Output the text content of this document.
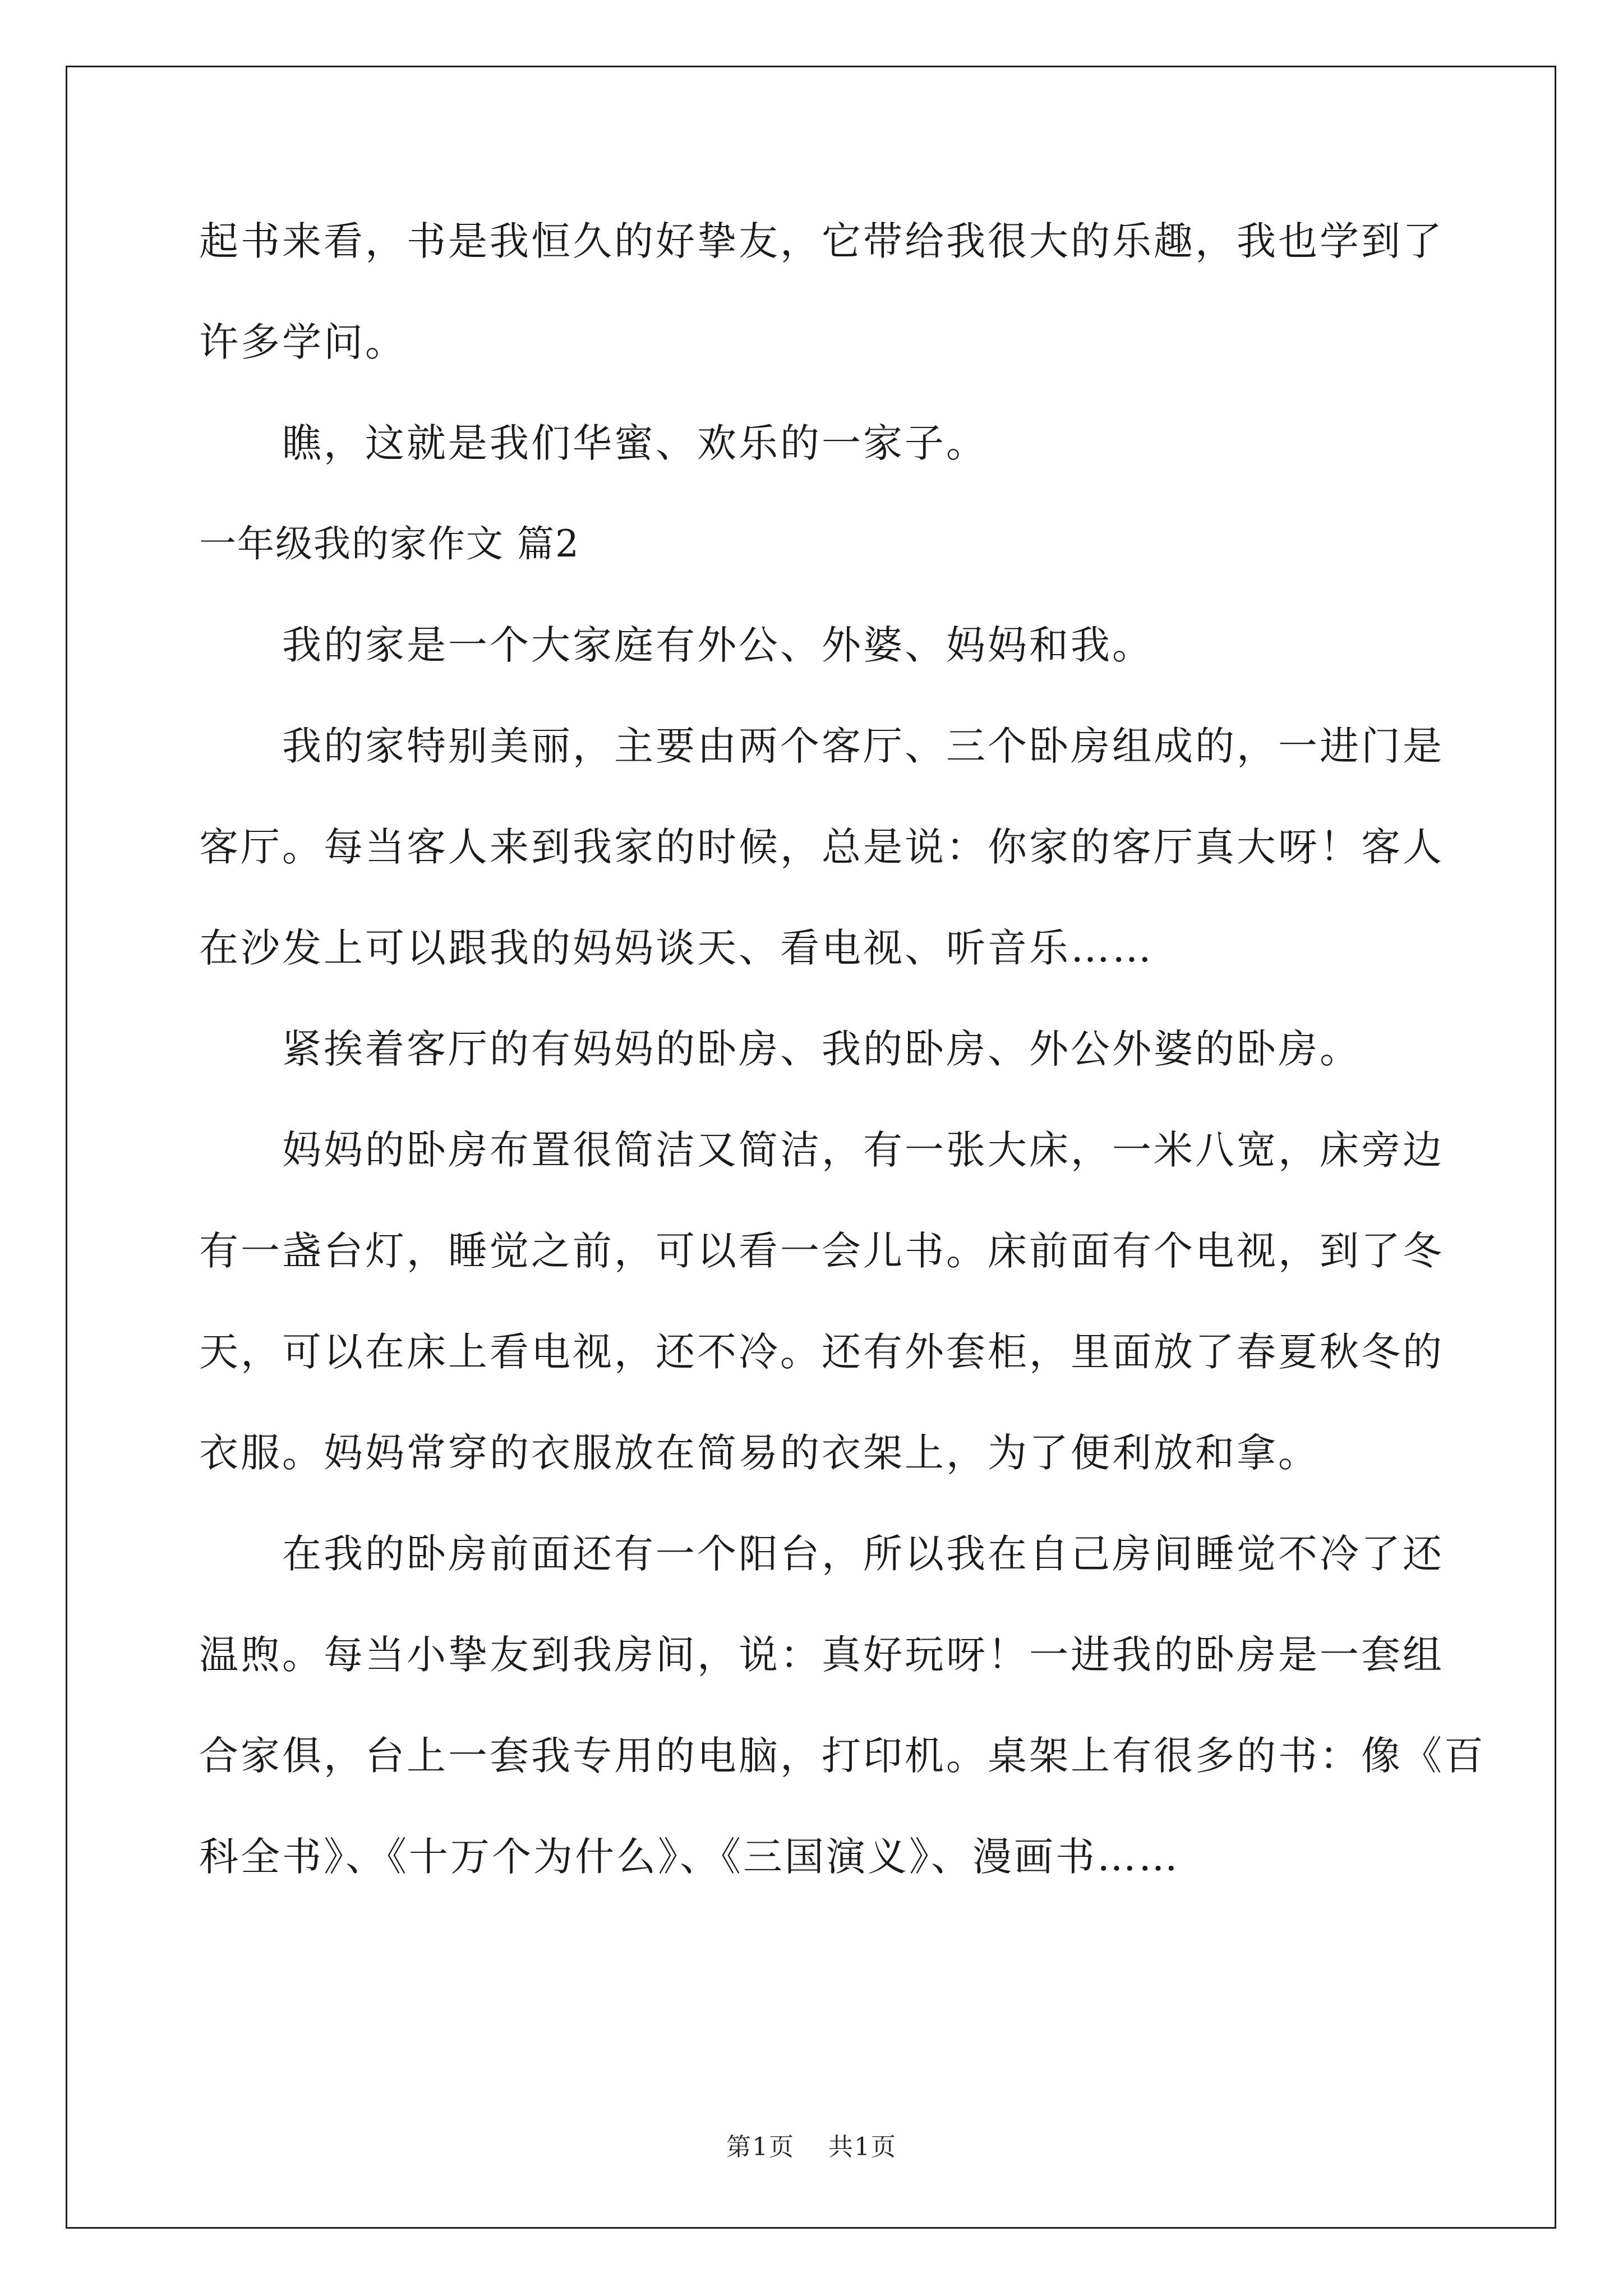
起书来看，书是我恒久的好挚友，它带给我很大的乐趣，我也学到了
许多学问。
瞧，这就是我们华蜜、欢乐的一家子。
一年级我的家作文 篇2
我的家是一个大家庭有外公、外婆、妈妈和我。
我的家特别美丽，主要由两个客厅、三个卧房组成的，一进门是
客厅。每当客人来到我家的时候，总是说：你家的客厅真大呀！客人
在沙发上可以跟我的妈妈谈天、看电视、听音乐……
紧挨着客厅的有妈妈的卧房、我的卧房、外公外婆的卧房。
妈妈的卧房布置很简洁又简洁，有一张大床，一米八宽，床旁边
有一盏台灯，睡觉之前，可以看一会儿书。床前面有个电视，到了冬
天，可以在床上看电视，还不冷。还有外套柜，里面放了春夏秋冬的
衣服。妈妈常穿的衣服放在简易的衣架上，为了便利放和拿。
在我的卧房前面还有一个阳台，所以我在自己房间睡觉不冷了还
温煦。每当小挚友到我房间，说：真好玩呀！一进我的卧房是一套组
合家俱，台上一套我专用的电脑，打印机。桌架上有很多的书：像《百
科全书》、《十万个为什么》、《三国演义》、漫画书……
第1页 共1页
